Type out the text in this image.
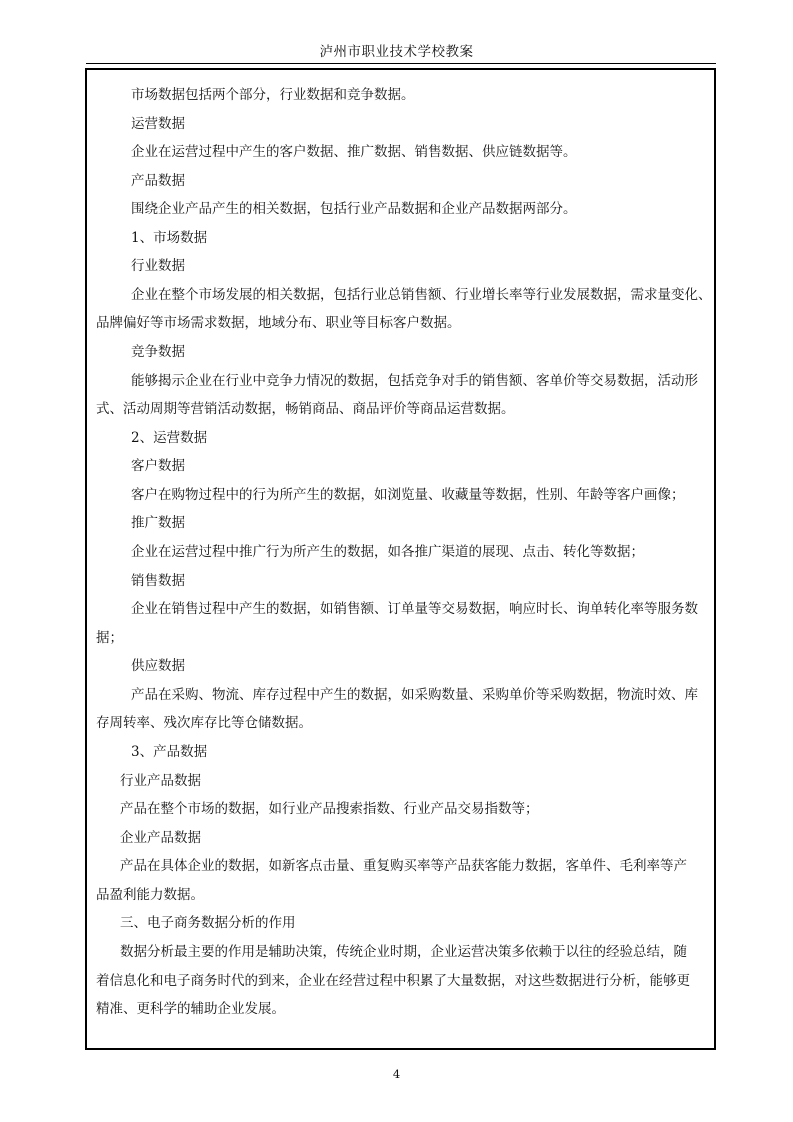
泸州市职业技术学校教案
市场数据包括两个部分，行业数据和竞争数据。
运营数据
企业在运营过程中产生的客户数据、推广数据、销售数据、供应链数据等。
产品数据
围绕企业产品产生的相关数据，包括行业产品数据和企业产品数据两部分。
1、市场数据
行业数据
企业在整个市场发展的相关数据，包括行业总销售额、行业增长率等行业发展数据，需求量变化、
品牌偏好等市场需求数据，地域分布、职业等目标客户数据。
竞争数据
能够揭示企业在行业中竞争力情况的数据，包括竞争对手的销售额、客单价等交易数据，活动形
式、活动周期等营销活动数据，畅销商品、商品评价等商品运营数据。
2、运营数据
客户数据
客户在购物过程中的行为所产生的数据，如浏览量、收藏量等数据，性别、年龄等客户画像；
推广数据
企业在运营过程中推广行为所产生的数据，如各推广渠道的展现、点击、转化等数据；
销售数据
企业在销售过程中产生的数据，如销售额、订单量等交易数据，响应时长、询单转化率等服务数
据；
供应数据
产品在采购、物流、库存过程中产生的数据，如采购数量、采购单价等采购数据，物流时效、库
存周转率、残次库存比等仓储数据。
3、产品数据
行业产品数据
产品在整个市场的数据，如行业产品搜索指数、行业产品交易指数等；
企业产品数据
产品在具体企业的数据，如新客点击量、重复购买率等产品获客能力数据，客单件、毛利率等产
品盈利能力数据。
三、电子商务数据分析的作用
数据分析最主要的作用是辅助决策，传统企业时期，企业运营决策多依赖于以往的经验总结，随
着信息化和电子商务时代的到来，企业在经营过程中积累了大量数据，对这些数据进行分析，能够更
精准、更科学的辅助企业发展。
4
